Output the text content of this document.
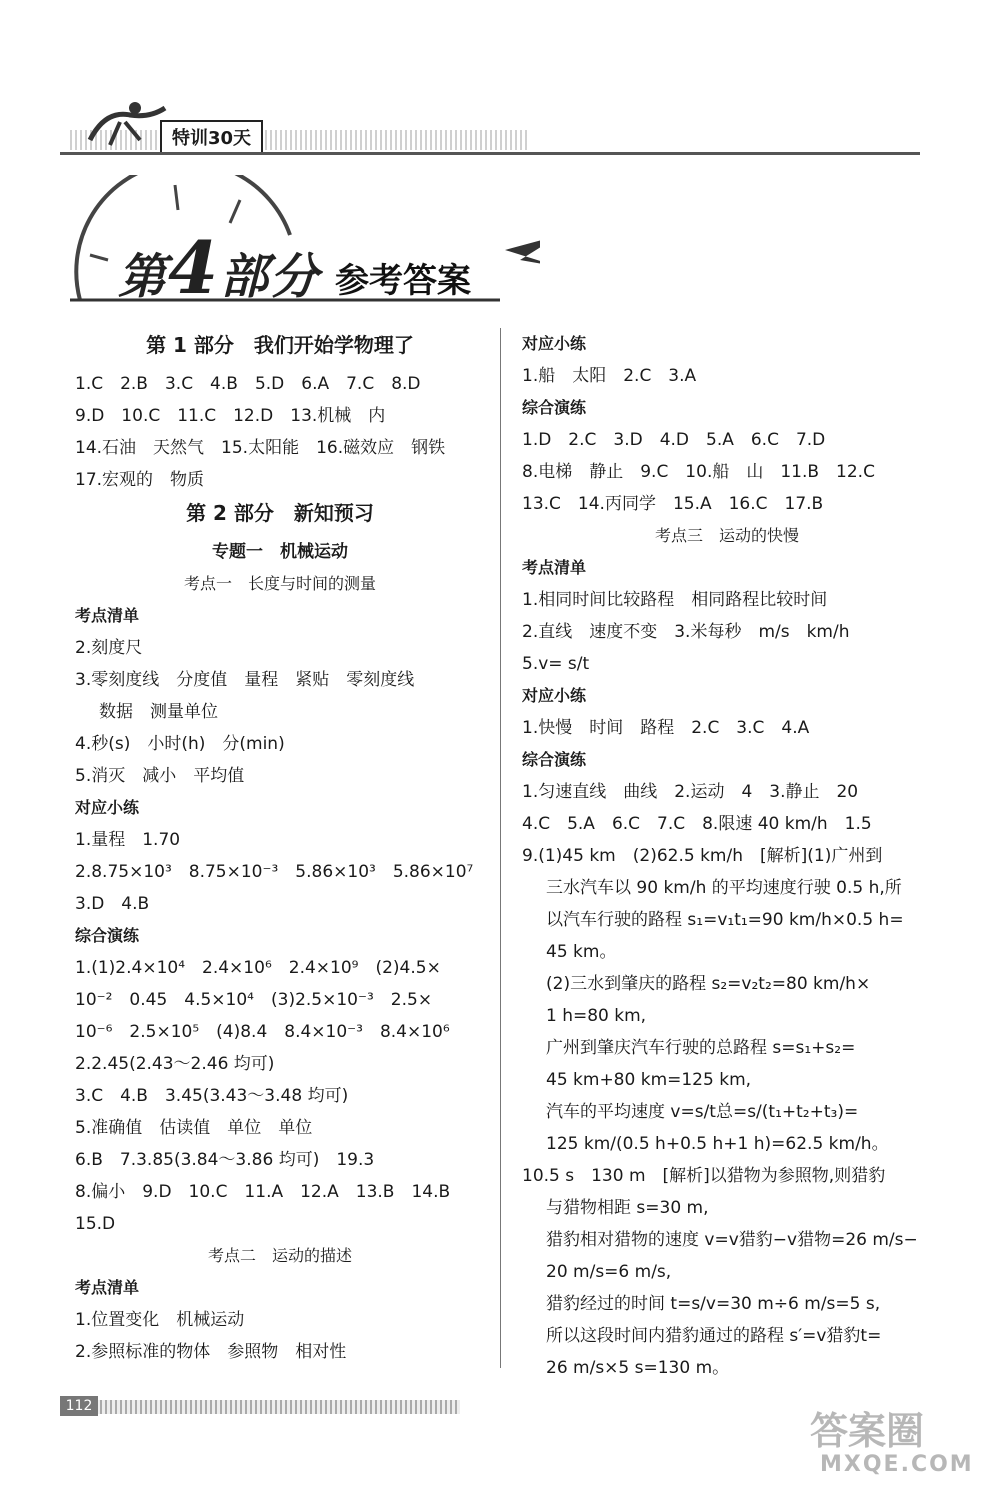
特训30天
第4部分 参考答案
第 1 部分　我们开始学物理了
1.C　2.B　3.C　4.B　5.D　6.A　7.C　8.D
9.D　10.C　11.C　12.D　13.机械　内
14.石油　天然气　15.太阳能　16.磁效应　钢铁
17.宏观的　物质
第 2 部分　新知预习
专题一　机械运动
考点一　长度与时间的测量
考点清单
2.刻度尺
3.零刻度线　分度值　量程　紧贴　零刻度线
数据　测量单位
4.秒(s)　小时(h)　分(min)
5.消灭　减小　平均值
对应小练
1.量程　1.70
2.8.75×10³　8.75×10⁻³　5.86×10³　5.86×10⁷
3.D　4.B
综合演练
1.(1)2.4×10⁴　2.4×10⁶　2.4×10⁹　(2)4.5×
10⁻²　0.45　4.5×10⁴　(3)2.5×10⁻³　2.5×
10⁻⁶　2.5×10⁵　(4)8.4　8.4×10⁻³　8.4×10⁶
2.2.45(2.43～2.46 均可)
3.C　4.B　3.45(3.43～3.48 均可)
5.准确值　估读值　单位　单位
6.B　7.3.85(3.84～3.86 均可)　19.3
8.偏小　9.D　10.C　11.A　12.A　13.B　14.B
15.D
考点二　运动的描述
考点清单
1.位置变化　机械运动
2.参照标准的物体　参照物　相对性
对应小练
1.船　太阳　2.C　3.A
综合演练
1.D　2.C　3.D　4.D　5.A　6.C　7.D
8.电梯　静止　9.C　10.船　山　11.B　12.C
13.C　14.丙同学　15.A　16.C　17.B
考点三　运动的快慢
考点清单
1.相同时间比较路程　相同路程比较时间
2.直线　速度不变　3.米每秒　m/s　km/h
5.v= s/t
对应小练
1.快慢　时间　路程　2.C　3.C　4.A
综合演练
1.匀速直线　曲线　2.运动　4　3.静止　20
4.C　5.A　6.C　7.C　8.限速 40 km/h　1.5
9.(1)45 km　(2)62.5 km/h　[解析](1)广州到
三水汽车以 90 km/h 的平均速度行驶 0.5 h,所
以汽车行驶的路程 s₁=v₁t₁=90 km/h×0.5 h=
45 km。
(2)三水到肇庆的路程 s₂=v₂t₂=80 km/h×
1 h=80 km,
广州到肇庆汽车行驶的总路程 s=s₁+s₂=
45 km+80 km=125 km,
汽车的平均速度 v=s/t总=s/(t₁+t₂+t₃)=
125 km/(0.5 h+0.5 h+1 h)=62.5 km/h。
10.5 s　130 m　[解析]以猎物为参照物,则猎豹
与猎物相距 s=30 m,
猎豹相对猎物的速度 v=v猎豹−v猎物=26 m/s−
20 m/s=6 m/s,
猎豹经过的时间 t=s/v=30 m÷6 m/s=5 s,
所以这段时间内猎豹通过的路程 s′=v猎豹t=
26 m/s×5 s=130 m。
112
答案圈
MXQE.COM
